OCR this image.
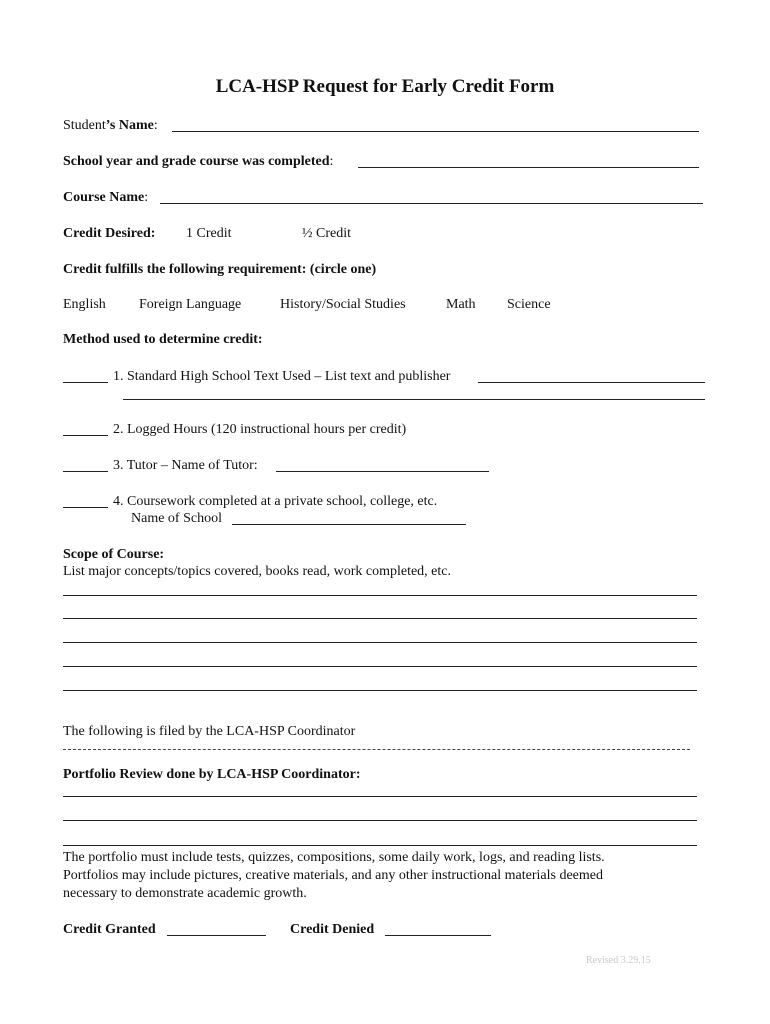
LCA-HSP Request for Early Credit Form
Student’s Name:
School year and grade course was completed:
Course Name:
Credit Desired: 1 Credit	½ Credit
Credit fulfills the following requirement: (circle one)
English Foreign Language	History/Social Studies	Math Science
Method used to determine credit:
1. Standard High School Text Used – List text and publisher
2. Logged Hours (120 instructional hours per credit)
3. Tutor – Name of Tutor:
4. Coursework completed at a private school, college, etc.
Name of School
Scope of Course:
List major concepts/topics covered, books read, work completed, etc.
The following is filed by the LCA-HSP Coordinator
Portfolio Review done by LCA-HSP Coordinator:
The portfolio must include tests, quizzes, compositions, some daily work, logs, and reading lists.
Portfolios may include pictures, creative materials, and any other instructional materials deemed
necessary to demonstrate academic growth.
Credit Granted	Credit Denied
Revised 3.29.15
